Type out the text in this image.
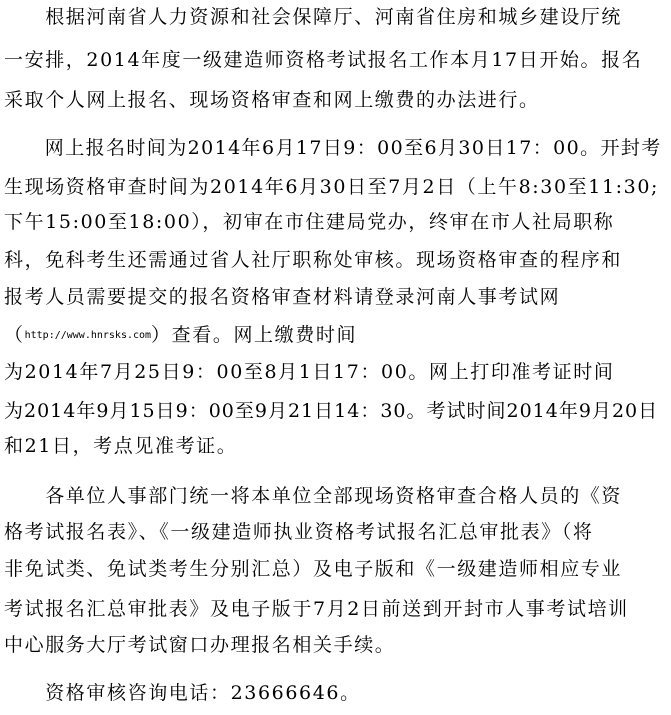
　　根据河南省人力资源和社会保障厅、河南省住房和城乡建设厅统
一安排，2014年度一级建造师资格考试报名工作本月17日开始。报名
采取个人网上报名、现场资格审查和网上缴费的办法进行。
　　网上报名时间为2014年6月17日9：00至6月30日17：00。开封考
生现场资格审查时间为2014年6月30日至7月2日（上午8:30至11:30;
下午15:00至18:00），初审在市住建局党办，终审在市人社局职称
科，免科考生还需通过省人社厅职称处审核。现场资格审查的程序和
报考人员需要提交的报名资格审查材料请登录河南人事考试网
（http://www.hnrsks.com）查看。网上缴费时间
为2014年7月25日9：00至8月1日17：00。网上打印准考证时间
为2014年9月15日9：00至9月21日14：30。考试时间2014年9月20日
和21日，考点见准考证。
　　各单位人事部门统一将本单位全部现场资格审查合格人员的《资
格考试报名表》、《一级建造师执业资格考试报名汇总审批表》（将
非免试类、免试类考生分别汇总）及电子版和《一级建造师相应专业
考试报名汇总审批表》及电子版于7月2日前送到开封市人事考试培训
中心服务大厅考试窗口办理报名相关手续。
　　资格审核咨询电话：23666646。
